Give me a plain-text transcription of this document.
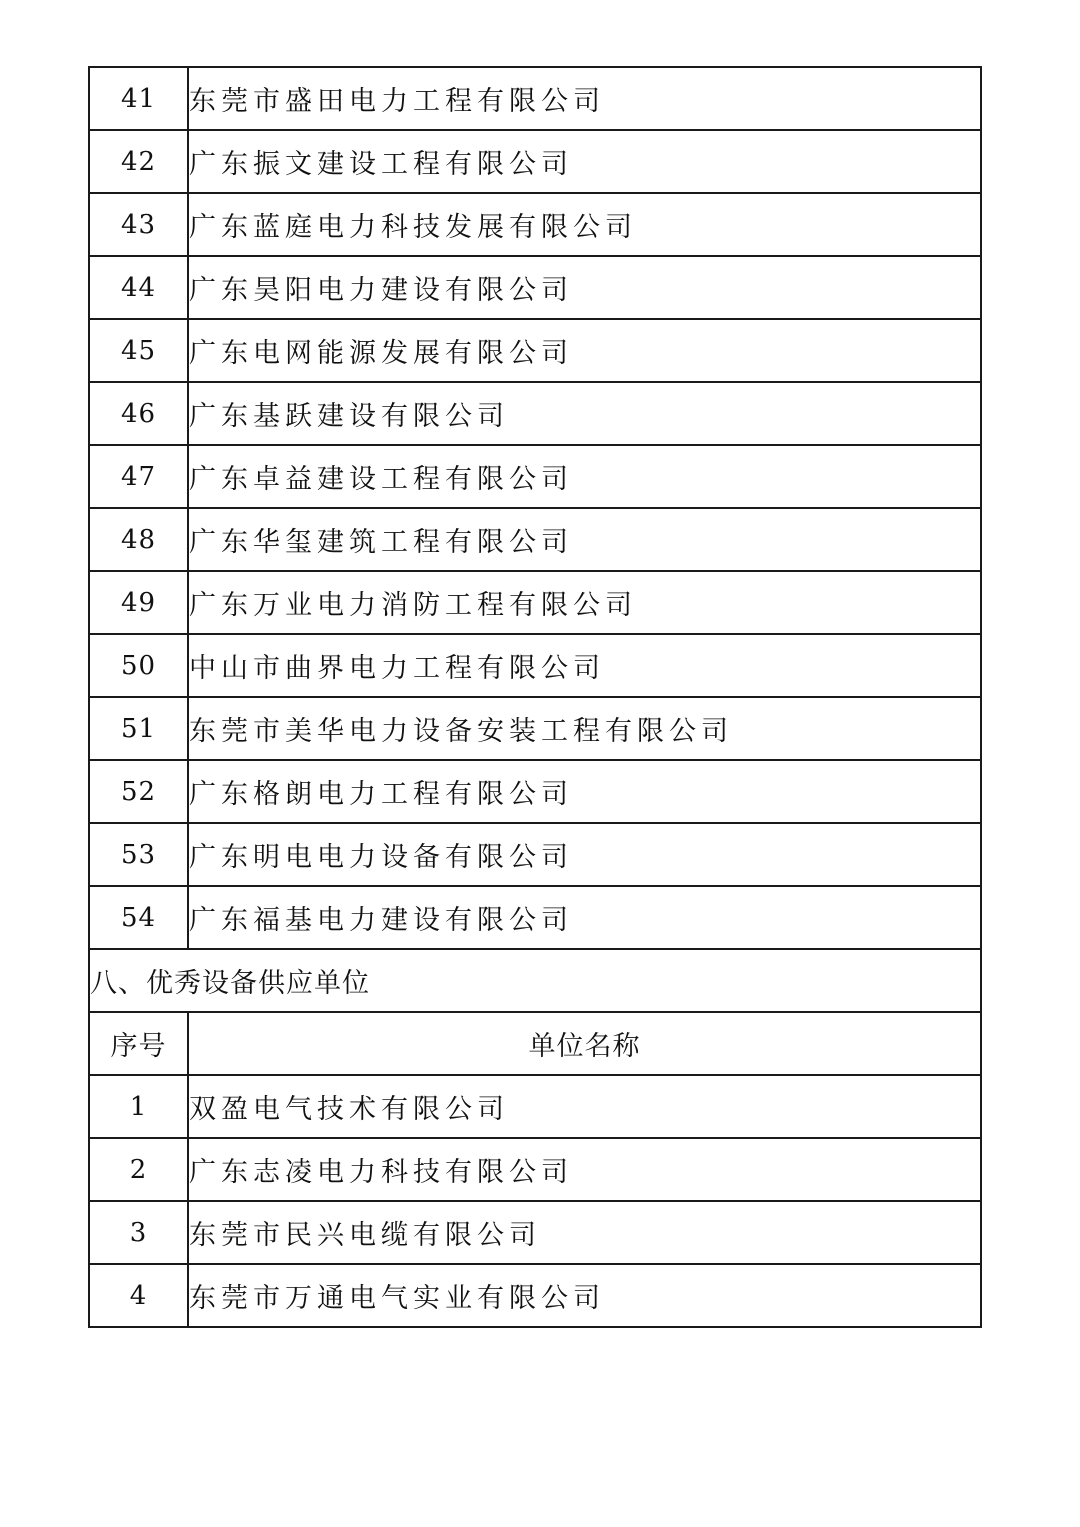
41	东莞市盛田电力工程有限公司
42	广东振文建设工程有限公司
43	广东蓝庭电力科技发展有限公司
44	广东昊阳电力建设有限公司
45	广东电网能源发展有限公司
46	广东基跃建设有限公司
47	广东卓益建设工程有限公司
48	广东华玺建筑工程有限公司
49	广东万业电力消防工程有限公司
50	中山市曲界电力工程有限公司
51	东莞市美华电力设备安装工程有限公司
52	广东格朗电力工程有限公司
53	广东明电电力设备有限公司
54	广东福基电力建设有限公司
八、优秀设备供应单位	
序号	单位名称
1	双盈电气技术有限公司
2	广东志凌电力科技有限公司
3	东莞市民兴电缆有限公司
4	东莞市万通电气实业有限公司
